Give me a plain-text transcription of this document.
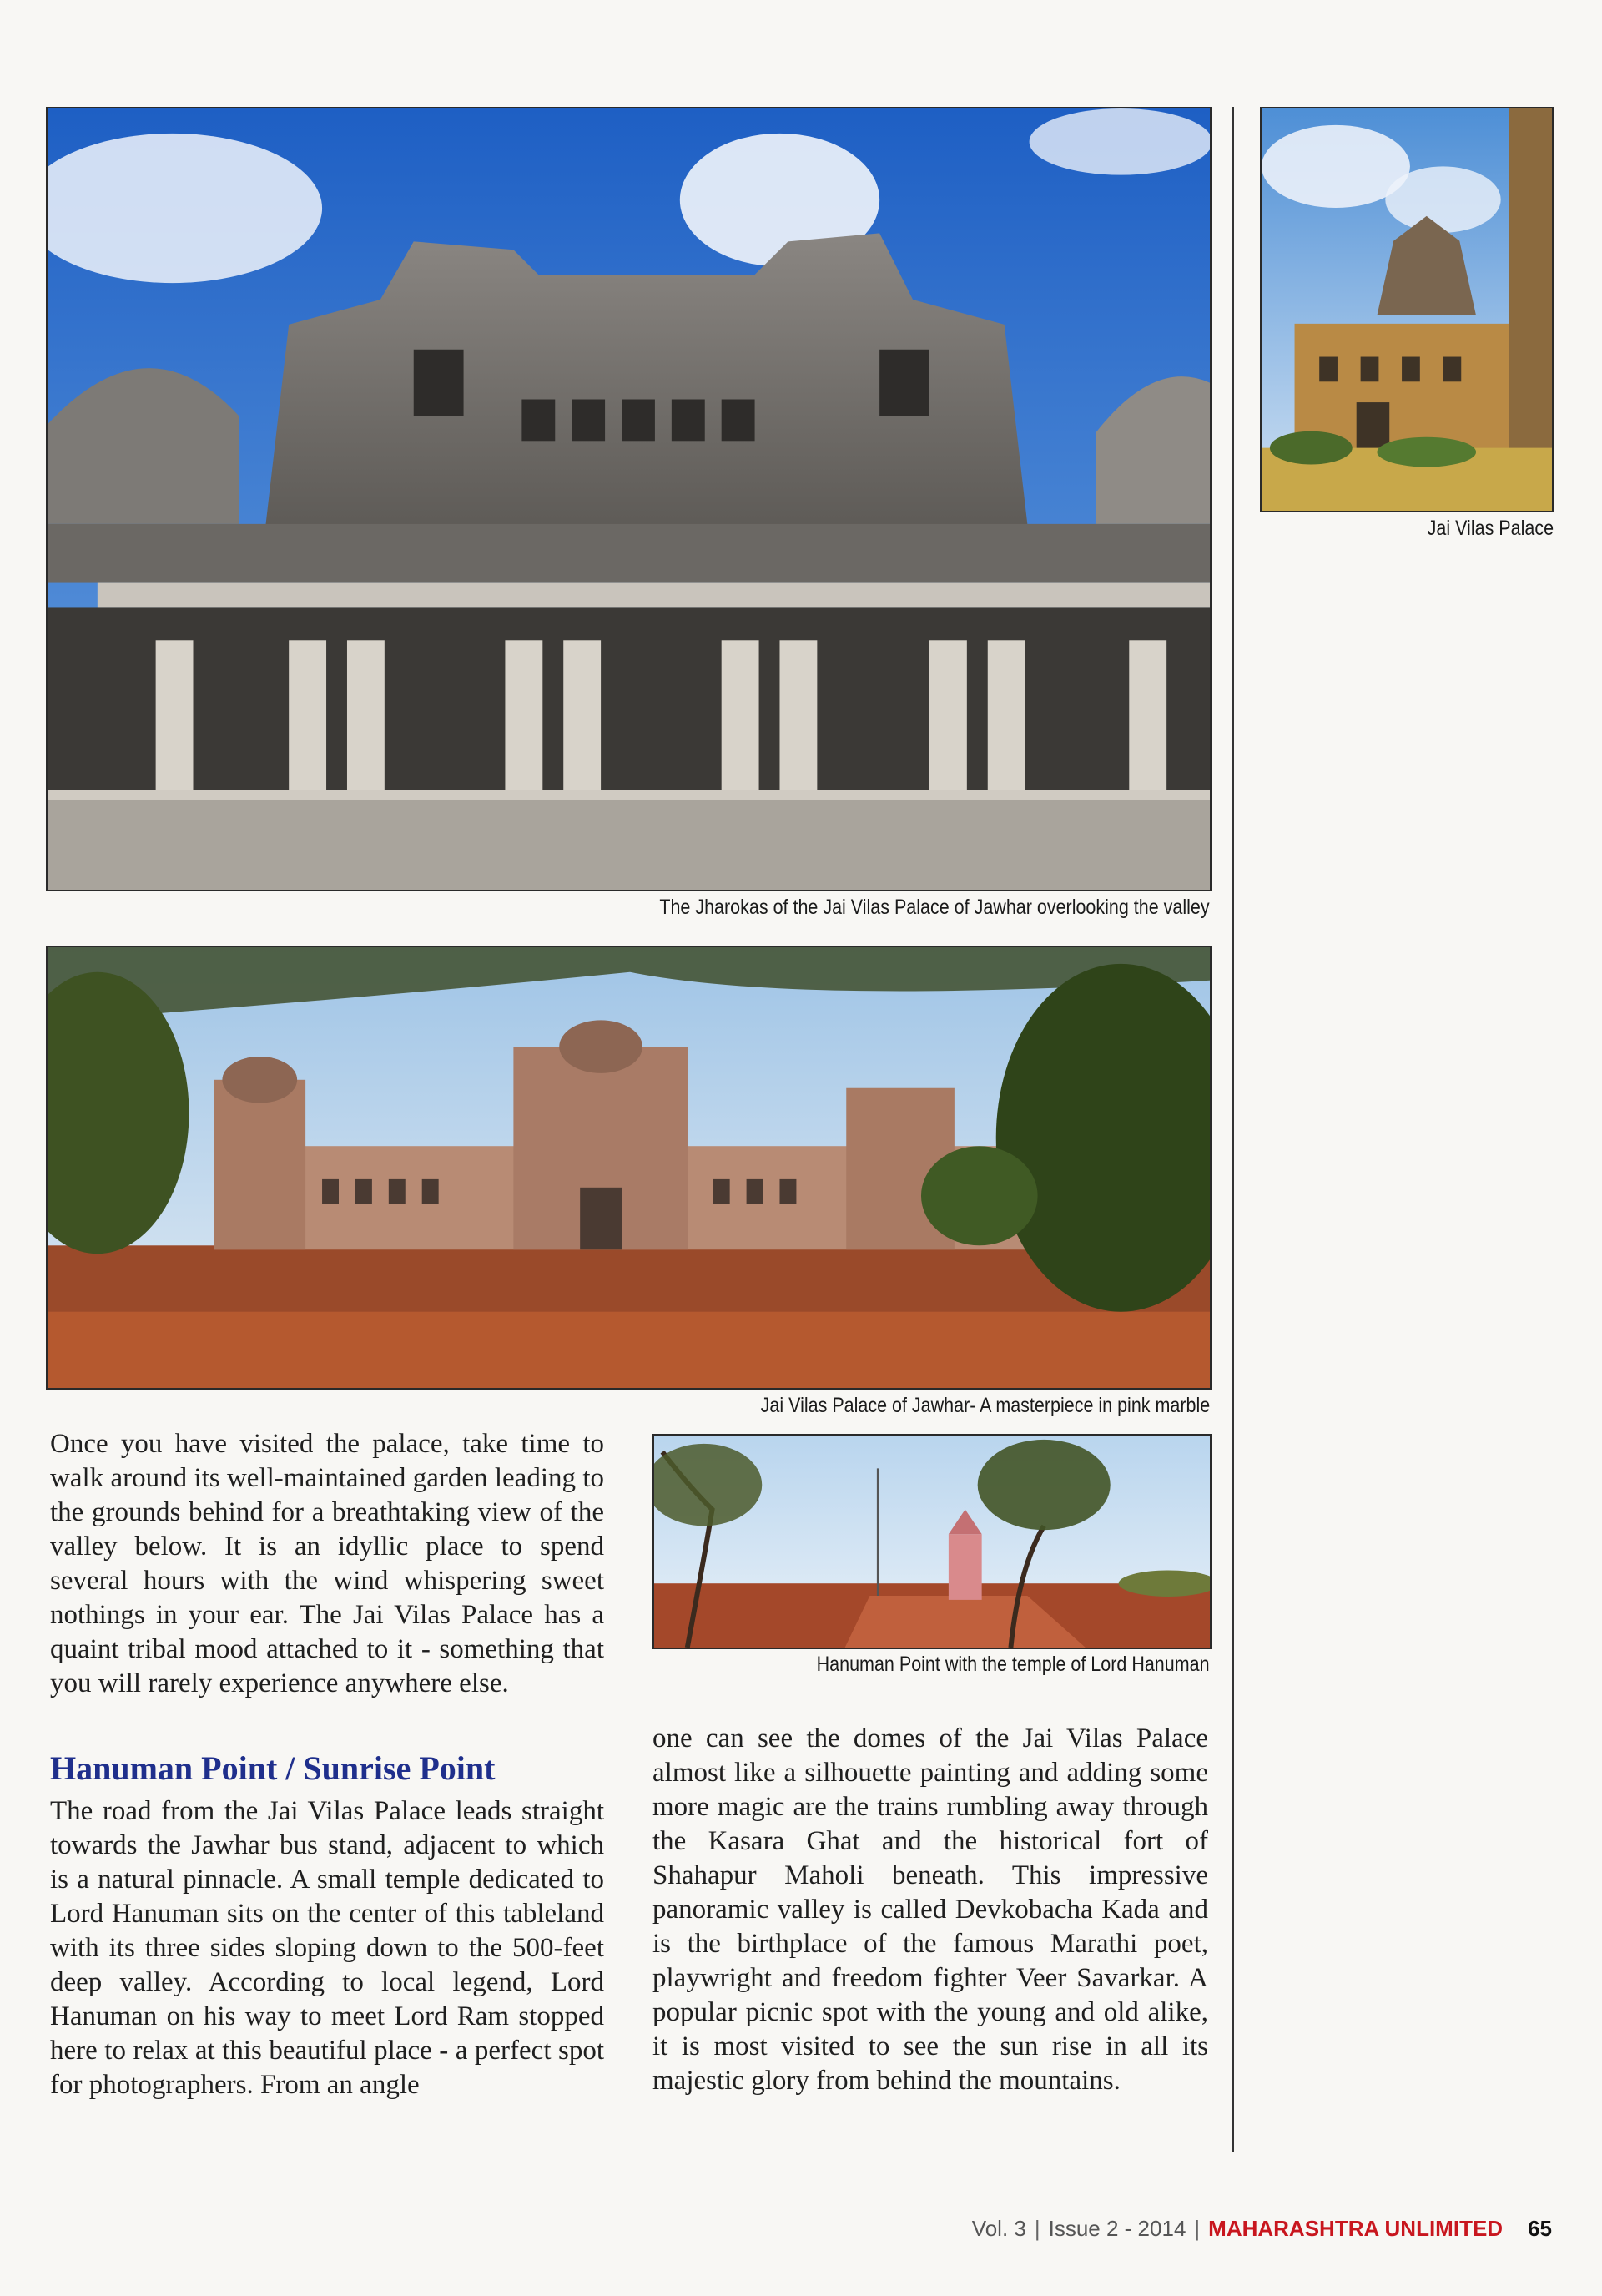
The Jharokas of the Jai Vilas Palace of Jawhar overlooking the valley
Jai Vilas Palace
Jai Vilas Palace of Jawhar- A masterpiece in pink marble
Hanuman Point with the temple of Lord Hanuman
Once you have visited the palace, take time to walk around its well-maintained garden leading to the grounds behind for a breathtaking view of the valley below. It is an idyllic place to spend several hours with the wind whispering sweet nothings in your ear. The Jai Vilas Palace has a quaint tribal mood attached to it - something that you will rarely experience anywhere else.
Hanuman Point / Sunrise Point
The road from the Jai Vilas Palace leads straight towards the Jawhar bus stand, adjacent to which is a natural pinnacle. A small temple dedicated to Lord Hanuman sits on the center of this tableland with its three sides sloping down to the 500-feet deep valley. According to local legend, Lord Hanuman on his way to meet Lord Ram stopped here to relax at this beautiful place - a perfect spot for photographers. From an angle
one can see the domes of the Jai Vilas Palace almost like a silhouette painting and adding some more magic are the trains rumbling away through the Kasara Ghat and the historical fort of Shahapur Maholi beneath. This impressive panoramic valley is called Devkobacha Kada and is the birthplace of the famous Marathi poet, playwright and freedom fighter Veer Savarkar. A popular picnic spot with the young and old alike, it is most visited to see the sun rise in all its majestic glory from behind the mountains.
Vol. 3 | Issue 2 - 2014 | MAHARASHTRA UNLIMITED 65
